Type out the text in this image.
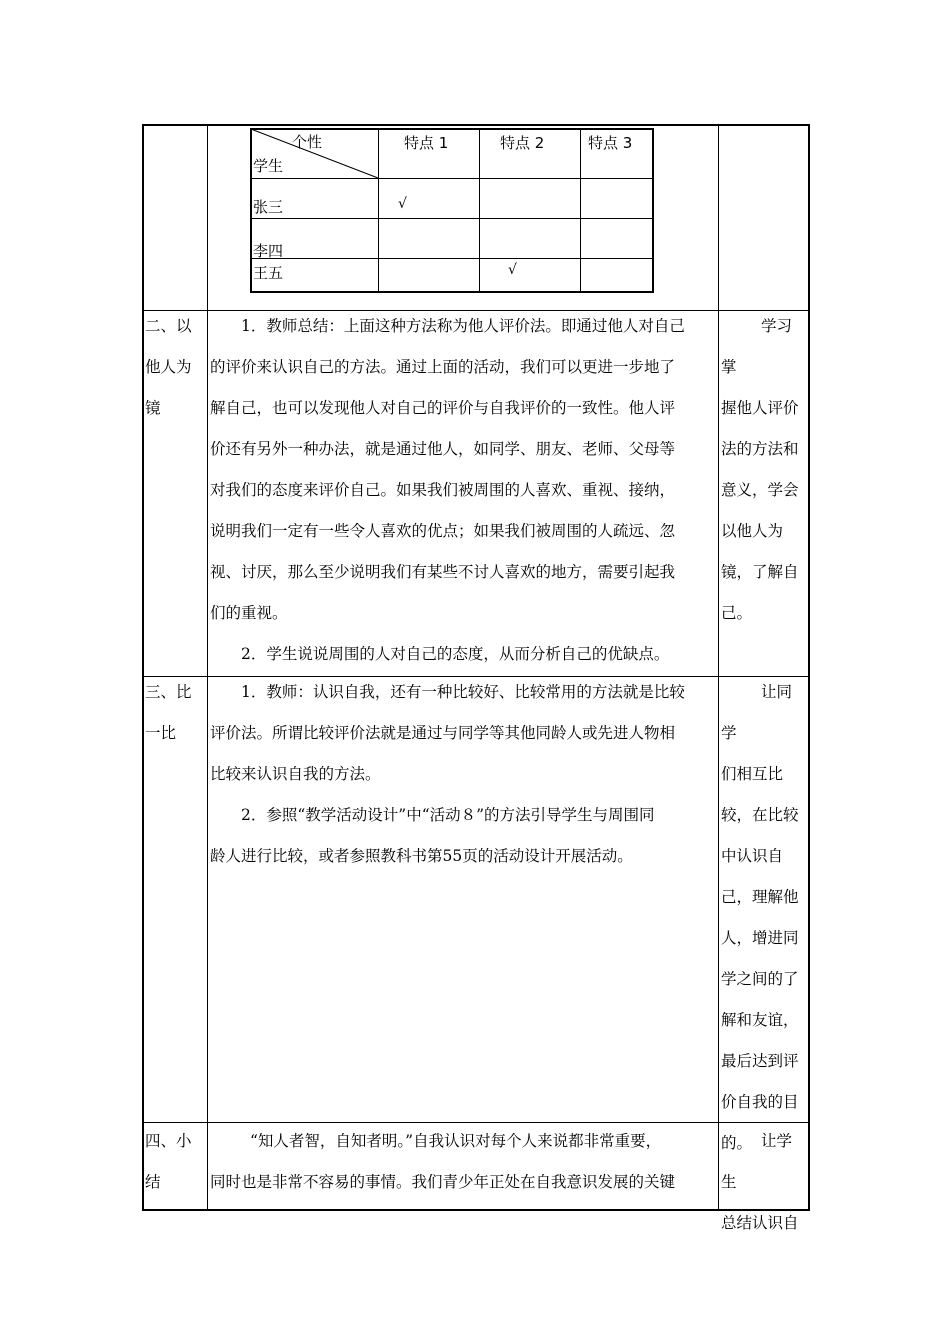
个性
学生
特点 1	特点 2	特点 3
张三
李四
王五
√
√

二、以

他人为

镜

1．教师总结：上面这种方法称为他人评价法。即通过他人对自己

的评价来认识自己的方法。通过上面的活动，我们可以更进一步地了

解自己，也可以发现他人对自己的评价与自我评价的一致性。他人评

价还有另外一种办法，就是通过他人，如同学、朋友、老师、父母等

对我们的态度来评价自己。如果我们被周围的人喜欢、重视、接纳，

说明我们一定有一些令人喜欢的优点；如果我们被周围的人疏远、忽

视、讨厌，那么至少说明我们有某些不讨人喜欢的地方，需要引起我

们的重视。

2．学生说说周围的人对自己的态度，从而分析自己的优缺点。

学习掌

握他人评价

法的方法和

意义，学会

以他人为

镜，了解自

己。

三、比

一比

1．教师：认识自我，还有一种比较好、比较常用的方法就是比较

评价法。所谓比较评价法就是通过与同学等其他同龄人或先进人物相

比较来认识自我的方法。

2．参照“教学活动设计”中“活动８”的方法引导学生与周围同

龄人进行比较，或者参照教科书第55页的活动设计开展活动。

让同学

们相互比

较，在比较

中认识自

己，理解他

人，增进同

学之间的了

解和友谊，

最后达到评

价自我的目

的。

四、小

结

“知人者智，自知者明。”自我认识对每个人来说都非常重要，

同时也是非常不容易的事情。我们青少年正处在自我意识发展的关键

让学生

总结认识自
